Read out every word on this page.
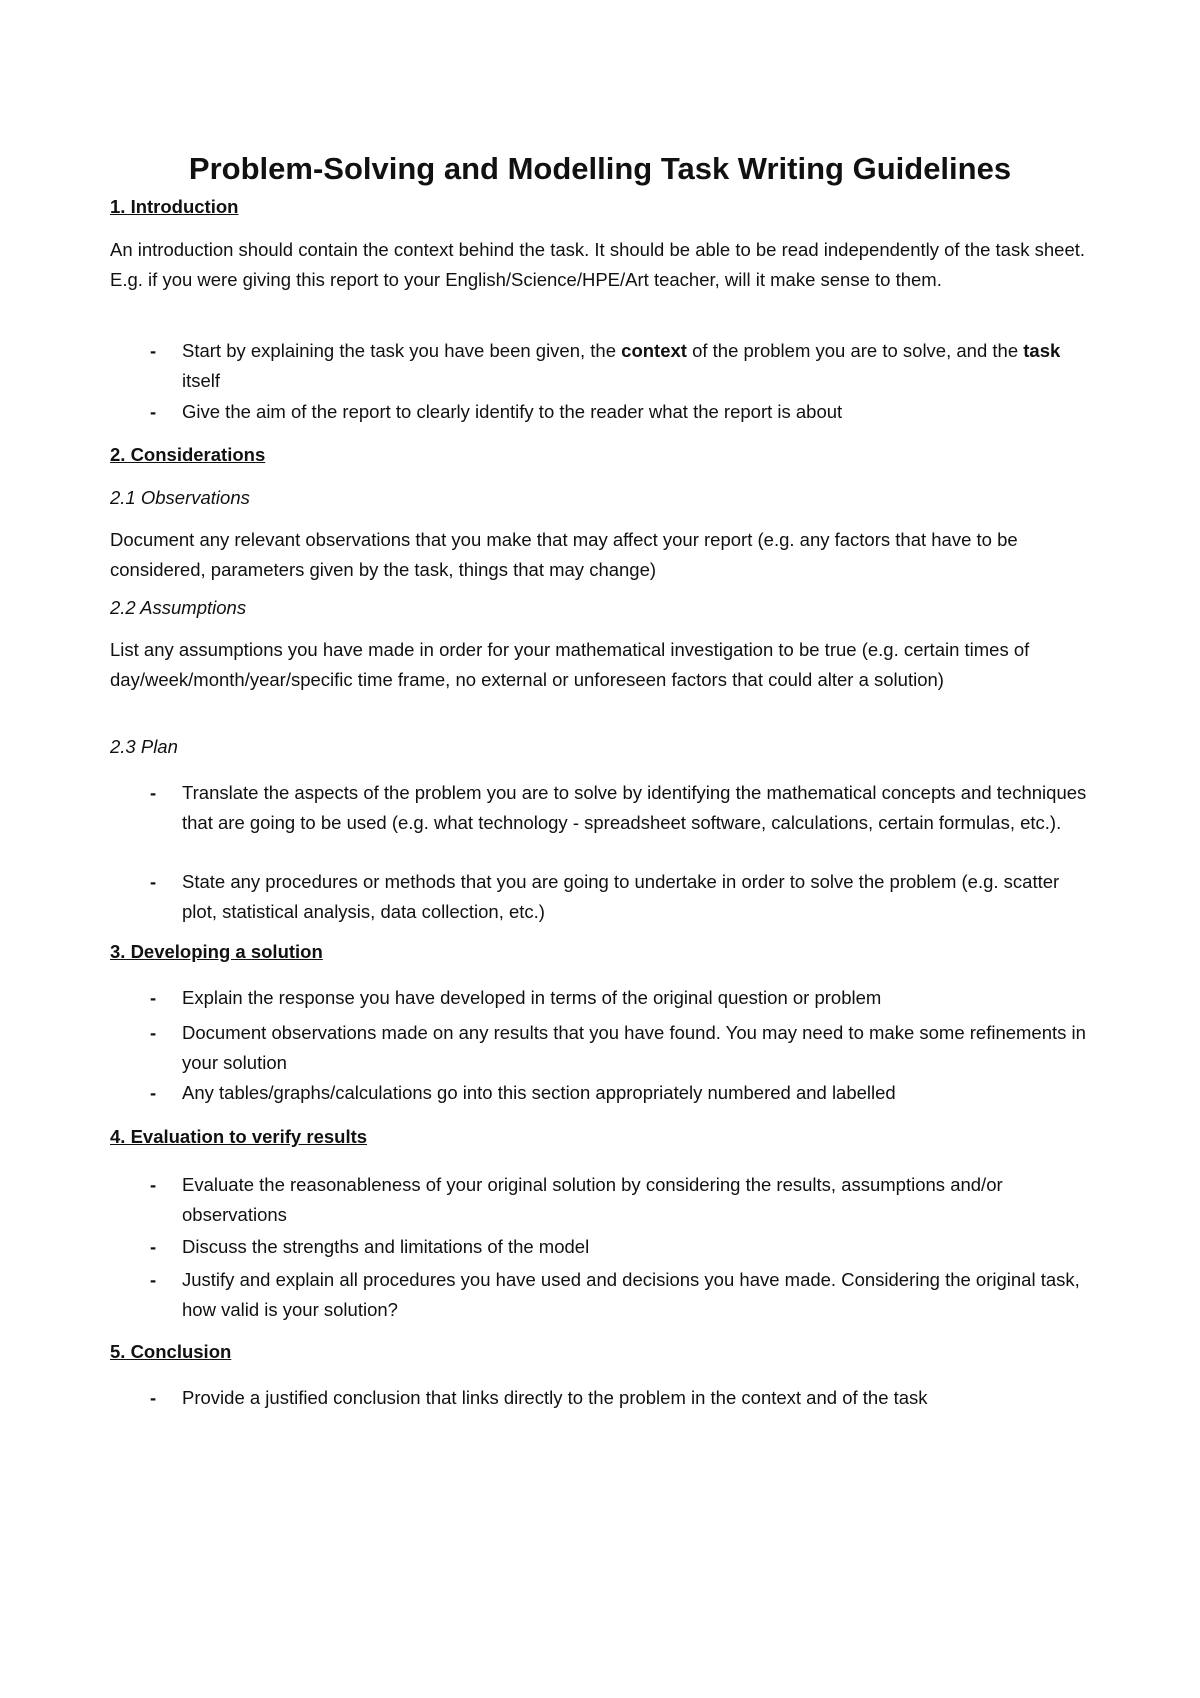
Problem-Solving and Modelling Task Writing Guidelines
1. Introduction

An introduction should contain the context behind the task. It should be able to be read independently of the task sheet. E.g. if you were giving this report to your English/Science/HPE/Art teacher, will it make sense to them.

- Start by explaining the task you have been given, the context of the problem you are to solve, and the task itself
- Give the aim of the report to clearly identify to the reader what the report is about
2. Considerations
2.1 Observations

Document any relevant observations that you make that may affect your report (e.g. any factors that have to be considered, parameters given by the task, things that may change)

2.2 Assumptions

List any assumptions you have made in order for your mathematical investigation to be true (e.g. certain times of day/week/month/year/specific time frame, no external or unforeseen factors that could alter a solution)

2.3 Plan
- Translate the aspects of the problem you are to solve by identifying the mathematical concepts and techniques that are going to be used (e.g. what technology - spreadsheet software, calculations, certain formulas, etc.).
- State any procedures or methods that you are going to undertake in order to solve the problem (e.g. scatter plot, statistical analysis, data collection, etc.)
3. Developing a solution
- Explain the response you have developed in terms of the original question or problem
- Document observations made on any results that you have found. You may need to make some refinements in your solution
- Any tables/graphs/calculations go into this section appropriately numbered and labelled
4. Evaluation to verify results
- Evaluate the reasonableness of your original solution by considering the results, assumptions and/or observations
- Discuss the strengths and limitations of the model
- Justify and explain all procedures you have used and decisions you have made. Considering the original task, how valid is your solution?
5. Conclusion
- Provide a justified conclusion that links directly to the problem in the context and of the task
